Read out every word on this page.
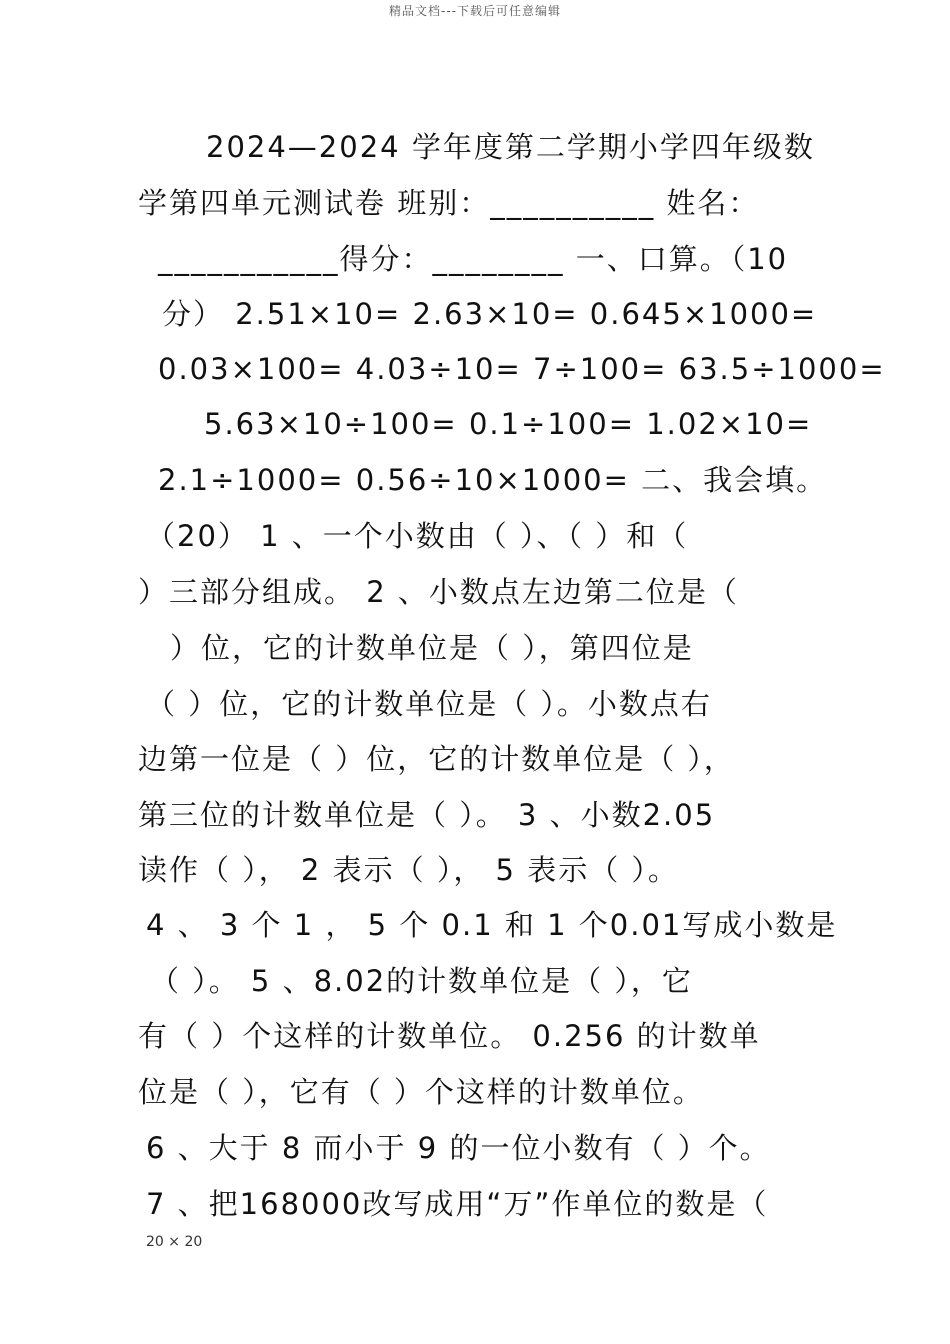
精品文档---下载后可任意编辑
2024—2024 学年度第二学期小学四年级数
学第四单元测试卷 班别：__________ 姓名：
___________得分：________ 一、口算。（10
分） 2.51×10= 2.63×10= 0.645×1000=
0.03×100= 4.03÷10= 7÷100= 63.5÷1000=
5.63×10÷100= 0.1÷100= 1.02×10=
2.1÷1000= 0.56÷10×1000= 二、我会填。
（20） 1 、一个小数由（ ）、（ ）和（
）三部分组成。 2 、小数点左边第二位是（
）位，它的计数单位是（ ），第四位是
（ ）位，它的计数单位是（ ）。小数点右
边第一位是（ ）位，它的计数单位是（ ），
第三位的计数单位是（ ）。 3 、小数2.05
读作（ ）， 2 表示（ ）， 5 表示（ ）。
4 、 3 个 1 ， 5 个 0.1 和 1 个0.01写成小数是
（ ）。 5 、8.02的计数单位是（ ），它
有（ ）个这样的计数单位。 0.256 的计数单
位是（ ），它有（ ）个这样的计数单位。
6 、大于 8 而小于 9 的一位小数有（ ）个。
7 、把168000改写成用“万”作单位的数是（
20 × 20
